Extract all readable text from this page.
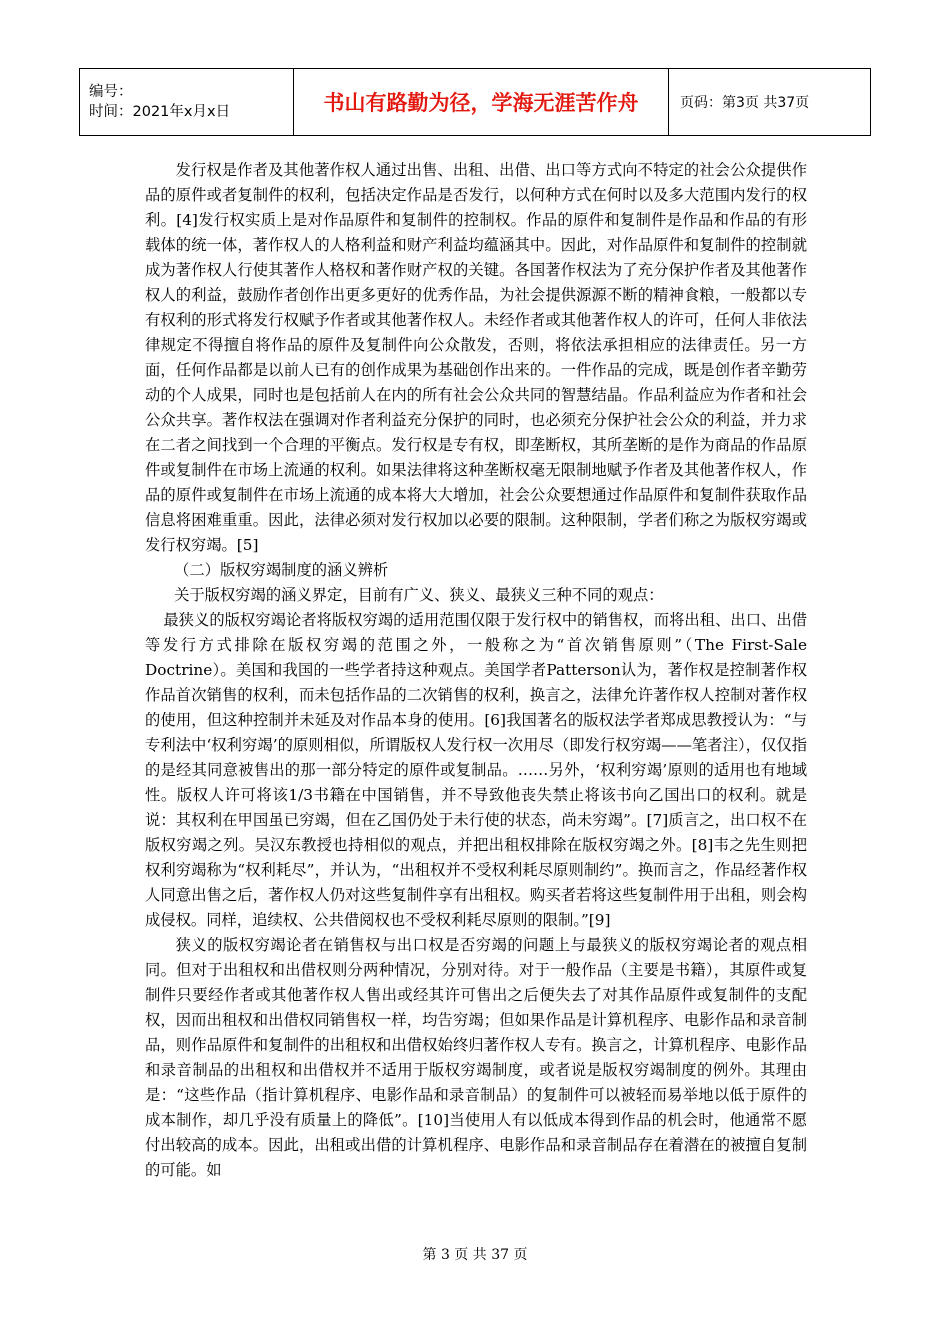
编号：
时间：2021年x月x日	书山有路勤为径，学海无涯苦作舟	页码：第3页 共37页

发行权是作者及其他著作权人通过出售、出租、出借、出口等方式向不特定的社会公众提供作品的原件或者复制件的权利，包括决定作品是否发行，以何种方式在何时以及多大范围内发行的权利。[4]发行权实质上是对作品原件和复制件的控制权。作品的原件和复制件是作品和作品的有形载体的统一体，著作权人的人格利益和财产利益均蕴涵其中。因此，对作品原件和复制件的控制就成为著作权人行使其著作人格权和著作财产权的关键。各国著作权法为了充分保护作者及其他著作权人的利益，鼓励作者创作出更多更好的优秀作品，为社会提供源源不断的精神食粮，一般都以专有权利的形式将发行权赋予作者或其他著作权人。未经作者或其他著作权人的许可，任何人非依法律规定不得擅自将作品的原件及复制件向公众散发，否则，将依法承担相应的法律责任。另一方面，任何作品都是以前人已有的创作成果为基础创作出来的。一件作品的完成，既是创作者辛勤劳动的个人成果，同时也是包括前人在内的所有社会公众共同的智慧结晶。作品利益应为作者和社会公众共享。著作权法在强调对作者利益充分保护的同时，也必须充分保护社会公众的利益，并力求在二者之间找到一个合理的平衡点。发行权是专有权，即垄断权，其所垄断的是作为商品的作品原件或复制件在市场上流通的权利。如果法律将这种垄断权毫无限制地赋予作者及其他著作权人，作品的原件或复制件在市场上流通的成本将大大增加，社会公众要想通过作品原件和复制件获取作品信息将困难重重。因此，法律必须对发行权加以必要的限制。这种限制，学者们称之为版权穷竭或发行权穷竭。[5]

（二）版权穷竭制度的涵义辨析

关于版权穷竭的涵义界定，目前有广义、狭义、最狭义三种不同的观点：

最狭义的版权穷竭论者将版权穷竭的适用范围仅限于发行权中的销售权，而将出租、出口、出借等发行方式排除在版权穷竭的范围之外，一般称之为“首次销售原则”（The First-Sale Doctrine）。美国和我国的一些学者持这种观点。美国学者Patterson认为，著作权是控制著作权作品首次销售的权利，而未包括作品的二次销售的权利，换言之，法律允许著作权人控制对著作权的使用，但这种控制并未延及对作品本身的使用。[6]我国著名的版权法学者郑成思教授认为：“与专利法中‘权利穷竭’的原则相似，所谓版权人发行权一次用尽（即发行权穷竭——笔者注），仅仅指的是经其同意被售出的那一部分特定的原件或复制品。……另外，‘权利穷竭’原则的适用也有地域性。版权人许可将该1/3书籍在中国销售，并不导致他丧失禁止将该书向乙国出口的权利。就是说：其权利在甲国虽已穷竭，但在乙国仍处于未行使的状态，尚未穷竭”。[7]质言之，出口权不在版权穷竭之列。吴汉东教授也持相似的观点，并把出租权排除在版权穷竭之外。[8]韦之先生则把权利穷竭称为“权利耗尽”，并认为，“出租权并不受权利耗尽原则制约”。换而言之，作品经著作权人同意出售之后，著作权人仍对这些复制件享有出租权。购买者若将这些复制件用于出租，则会构成侵权。同样，追续权、公共借阅权也不受权利耗尽原则的限制。”[9]

狭义的版权穷竭论者在销售权与出口权是否穷竭的问题上与最狭义的版权穷竭论者的观点相同。但对于出租权和出借权则分两种情况，分别对待。对于一般作品（主要是书籍），其原件或复制件只要经作者或其他著作权人售出或经其许可售出之后便失去了对其作品原件或复制件的支配权，因而出租权和出借权同销售权一样，均告穷竭；但如果作品是计算机程序、电影作品和录音制品，则作品原件和复制件的出租权和出借权始终归著作权人专有。换言之，计算机程序、电影作品和录音制品的出租权和出借权并不适用于版权穷竭制度，或者说是版权穷竭制度的例外。其理由是：“这些作品（指计算机程序、电影作品和录音制品）的复制件可以被轻而易举地以低于原件的成本制作，却几乎没有质量上的降低”。[10]当使用人有以低成本得到作品的机会时，他通常不愿付出较高的成本。因此，出租或出借的计算机程序、电影作品和录音制品存在着潜在的被擅自复制的可能。如

第 3 页 共 37 页
